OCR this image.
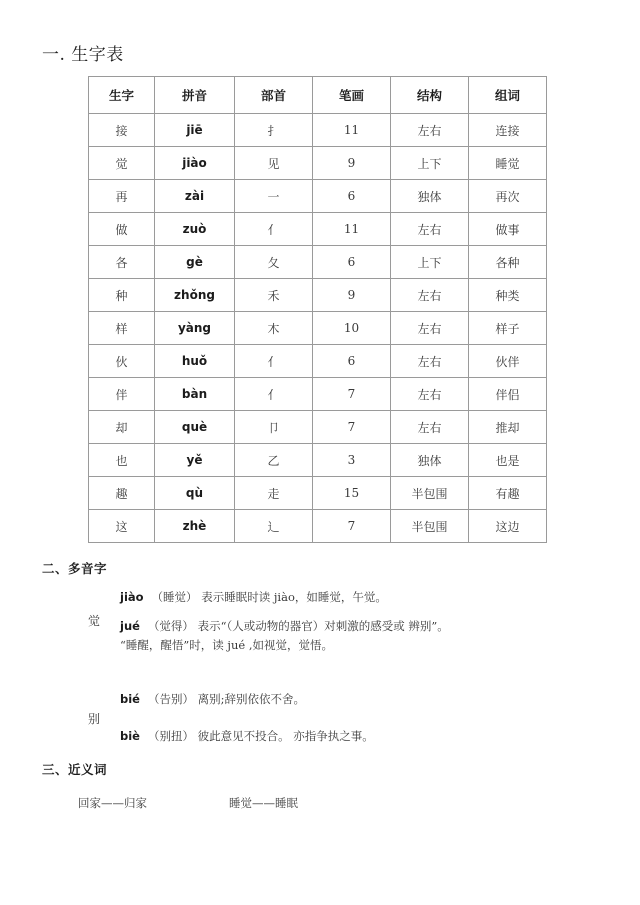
一. 生字表
生字	拼音	部首	笔画	结构	组词
接	jiē	扌	11	左右	连接
觉	jiào	见	9	上下	睡觉
再	zài	一	6	独体	再次
做	zuò	亻	11	左右	做事
各	gè	夂	6	上下	各种
种	zhǒng	禾	9	左右	种类
样	yàng	木	10	左右	样子
伙	huǒ	亻	6	左右	伙伴
伴	bàn	亻	7	左右	伴侣
却	què	卩	7	左右	推却
也	yě	乙	3	独体	也是
趣	qù	走	15	半包围	有趣
这	zhè	辶	7	半包围	这边
二、多音字
觉
jiào （睡觉） 表示睡眠时读 jiào，如睡觉，午觉。
jué （觉得） 表示“（人或动物的器官）对刺激的感受或 辨别”。
“睡醒，醒悟”时，读 jué ,如视觉，觉悟。
别
bié （告别） 离别;辞别依依不舍。
biè （别扭） 彼此意见不投合。 亦指争执之事。
三、近义词
回家——归家	睡觉——睡眠
